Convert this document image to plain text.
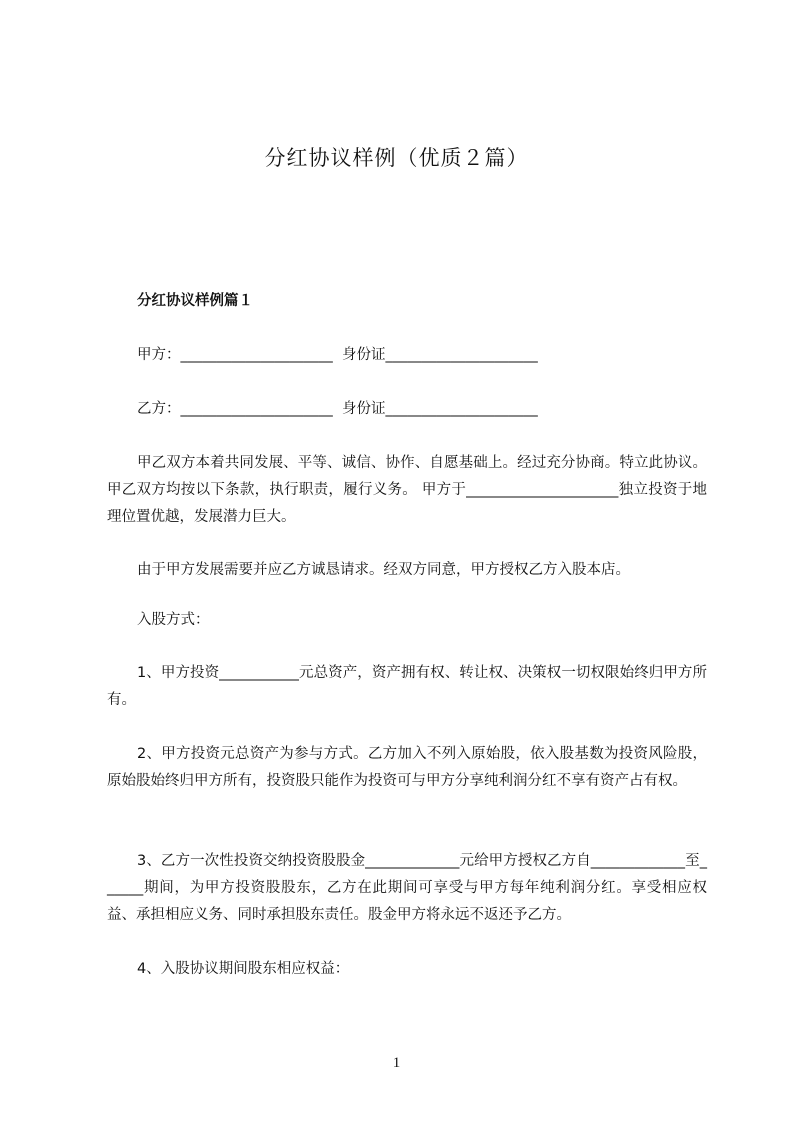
分红协议样例（优质２篇）
分红协议样例篇１
甲方：_____________________  身份证_____________________
乙方：_____________________  身份证_____________________
甲乙双方本着共同发展、平等、诚信、协作、自愿基础上。经过充分协商。特立此协议。甲乙双方均按以下条款，执行职责，履行义务。 甲方于_____________________独立投资于地理位置优越，发展潜力巨大。
由于甲方发展需要并应乙方诚恳请求。经双方同意，甲方授权乙方入股本店。
入股方式：
1、甲方投资___________元总资产，资产拥有权、转让权、决策权一切权限始终归甲方所有。
2、甲方投资元总资产为参与方式。乙方加入不列入原始股，依入股基数为投资风险股，原始股始终归甲方所有，投资股只能作为投资可与甲方分享纯利润分红不享有资产占有权。
3、乙方一次性投资交纳投资股股金_____________元给甲方授权乙方自_____________至______期间，为甲方投资股股东，乙方在此期间可享受与甲方每年纯利润分红。享受相应权益、承担相应义务、同时承担股东责任。股金甲方将永远不返还予乙方。
4、入股协议期间股东相应权益：
1
